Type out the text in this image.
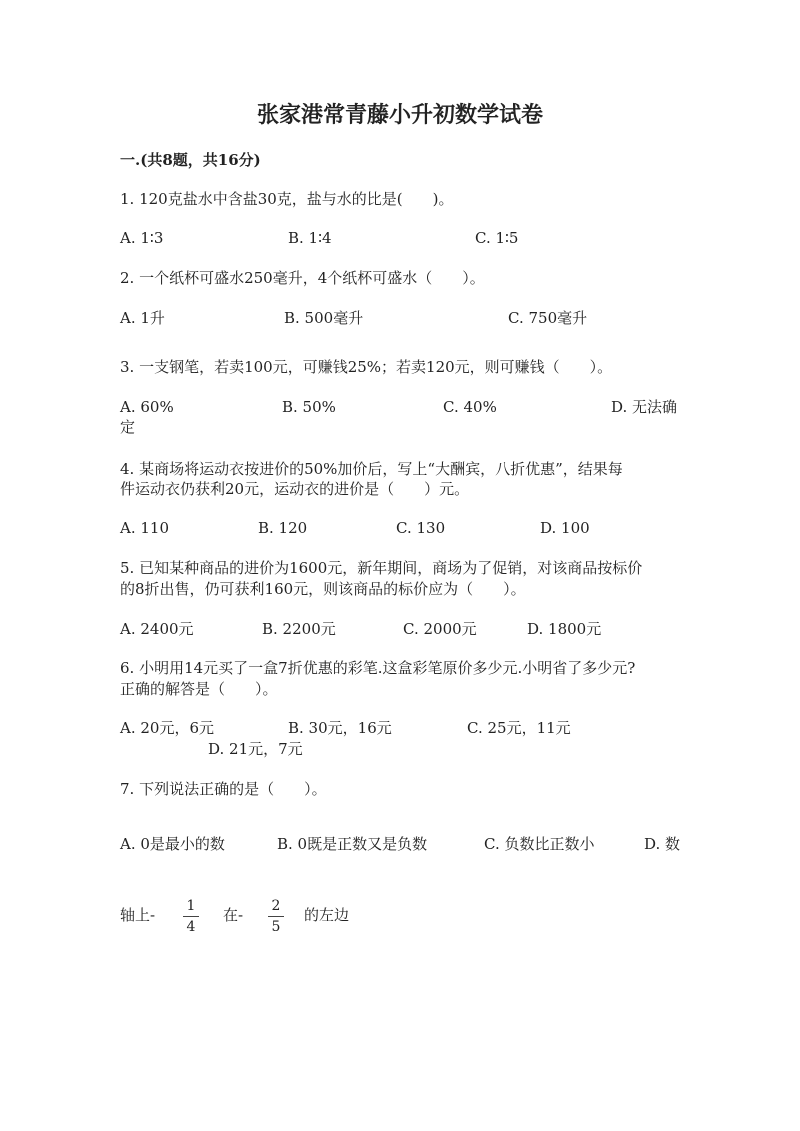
张家港常青藤小升初数学试卷
一.(共8题，共16分)
1. 120克盐水中含盐30克，盐与水的比是(　　)。
A. 1∶3	B. 1∶4	C. 1∶5
2. 一个纸杯可盛水250毫升，4个纸杯可盛水（　　）。
A. 1升	B. 500毫升	C. 750毫升
3. 一支钢笔，若卖100元，可赚钱25%；若卖120元，则可赚钱（　　）。
A. 60%	B. 50%	C. 40%	D. 无法确
定
4. 某商场将运动衣按进价的50%加价后，写上“大酬宾，八折优惠”，结果每
件运动衣仍获利20元，运动衣的进价是（　　）元。
A. 110	B. 120	C. 130	D. 100
5. 已知某种商品的进价为1600元，新年期间，商场为了促销，对该商品按标价
的8折出售，仍可获利160元，则该商品的标价应为（　　）。
A. 2400元	B. 2200元	C. 2000元	D. 1800元
6. 小明用14元买了一盒7折优惠的彩笔.这盒彩笔原价多少元.小明省了多少元?
正确的解答是（　　）。
A. 20元，6元	B. 30元，16元	C. 25元，11元
D. 21元，7元
7. 下列说法正确的是（　　）。
A. 0是最小的数	B. 0既是正数又是负数	C. 负数比正数小	D. 数
轴上- 1
4
在- 2
5
的左边
